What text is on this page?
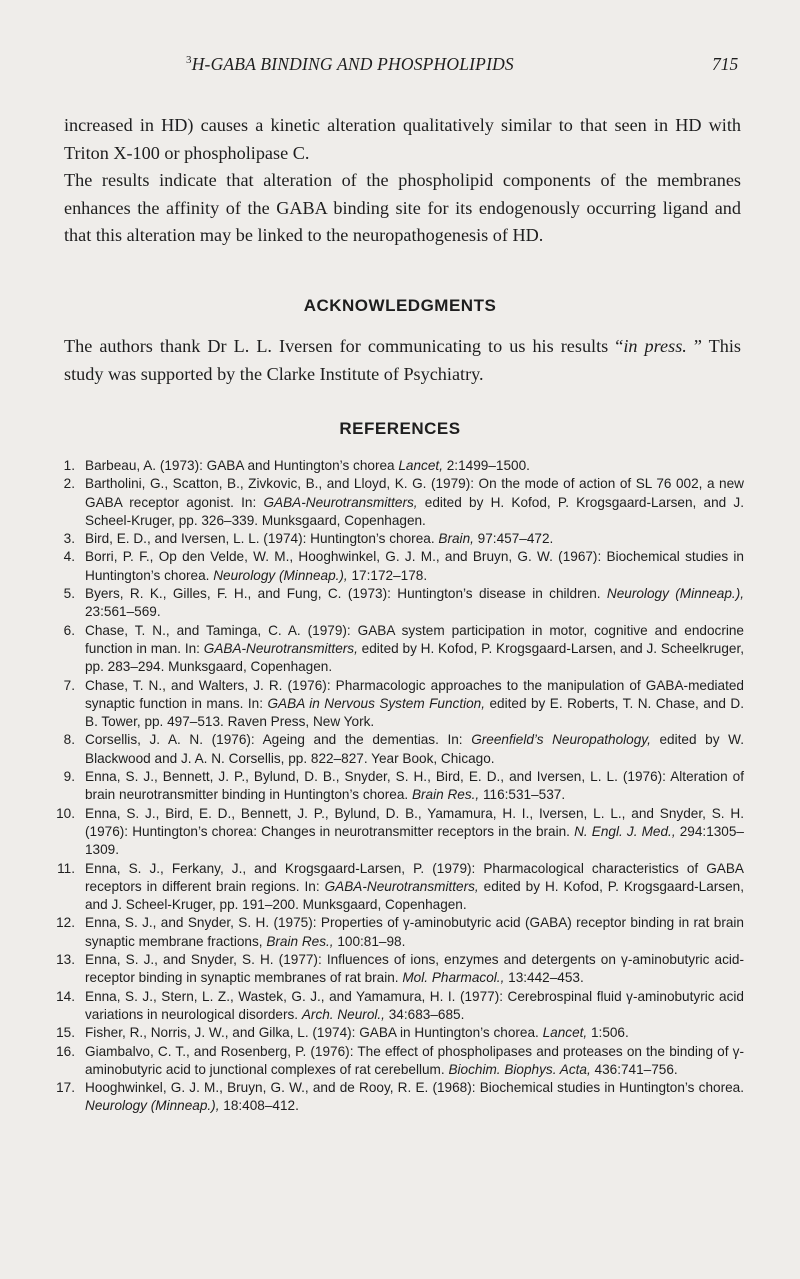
$^3$H-GABA BINDING AND PHOSPHOLIPIDS	715

increased in HD) causes a kinetic alteration qualitatively similar to that seen in HD with Triton X-100 or phospholipase C.

The results indicate that alteration of the phospholipid components of the membranes enhances the affinity of the GABA binding site for its endogenously occurring ligand and that this alteration may be linked to the neuropathogenesis of HD.

ACKNOWLEDGMENTS
The authors thank Dr L. L. Iversen for communicating to us his results “in press. ” This study was supported by the Clarke Institute of Psychiatry.
REFERENCES
1. Barbeau, A. (1973): GABA and Huntington’s chorea Lancet, 2:1499–1500.
2. Bartholini, G., Scatton, B., Zivkovic, B., and Lloyd, K. G. (1979): On the mode of action of SL 76 002, a new GABA receptor agonist. In: GABA-Neurotransmitters, edited by H. Kofod, P. Krogsgaard-Larsen, and J. Scheel-Kruger, pp. 326–339. Munksgaard, Copenhagen.
3. Bird, E. D., and Iversen, L. L. (1974): Huntington’s chorea. Brain, 97:457–472.
4. Borri, P. F., Op den Velde, W. M., Hooghwinkel, G. J. M., and Bruyn, G. W. (1967): Biochemical studies in Huntington’s chorea. Neurology (Minneap.), 17:172–178.
5. Byers, R. K., Gilles, F. H., and Fung, C. (1973): Huntington’s disease in children. Neurology (Minneap.), 23:561–569.
6. Chase, T. N., and Taminga, C. A. (1979): GABA system participation in motor, cognitive and endocrine function in man. In: GABA-Neurotransmitters, edited by H. Kofod, P. Krogsgaard-Larsen, and J. Scheelkruger, pp. 283–294. Munksgaard, Copenhagen.
7. Chase, T. N., and Walters, J. R. (1976): Pharmacologic approaches to the manipulation of GABA-mediated synaptic function in mans. In: GABA in Nervous System Function, edited by E. Roberts, T. N. Chase, and D. B. Tower, pp. 497–513. Raven Press, New York.
8. Corsellis, J. A. N. (1976): Ageing and the dementias. In: Greenfield’s Neuropathology, edited by W. Blackwood and J. A. N. Corsellis, pp. 822–827. Year Book, Chicago.
9. Enna, S. J., Bennett, J. P., Bylund, D. B., Snyder, S. H., Bird, E. D., and Iversen, L. L. (1976): Alteration of brain neurotransmitter binding in Huntington’s chorea. Brain Res., 116:531–537.
10. Enna, S. J., Bird, E. D., Bennett, J. P., Bylund, D. B., Yamamura, H. I., Iversen, L. L., and Snyder, S. H. (1976): Huntington’s chorea: Changes in neurotransmitter receptors in the brain. N. Engl. J. Med., 294:1305–1309.
11. Enna, S. J., Ferkany, J., and Krogsgaard-Larsen, P. (1979): Pharmacological characteristics of GABA receptors in different brain regions. In: GABA-Neurotransmitters, edited by H. Kofod, P. Krogsgaard-Larsen, and J. Scheel-Kruger, pp. 191–200. Munksgaard, Copenhagen.
12. Enna, S. J., and Snyder, S. H. (1975): Properties of γ-aminobutyric acid (GABA) receptor binding in rat brain synaptic membrane fractions, Brain Res., 100:81–98.
13. Enna, S. J., and Snyder, S. H. (1977): Influences of ions, enzymes and detergents on γ-aminobutyric acid-receptor binding in synaptic membranes of rat brain. Mol. Pharmacol., 13:442–453.
14. Enna, S. J., Stern, L. Z., Wastek, G. J., and Yamamura, H. I. (1977): Cerebrospinal fluid γ-aminobutyric acid variations in neurological disorders. Arch. Neurol., 34:683–685.
15. Fisher, R., Norris, J. W., and Gilka, L. (1974): GABA in Huntington’s chorea. Lancet, 1:506.
16. Giambalvo, C. T., and Rosenberg, P. (1976): The effect of phospholipases and proteases on the binding of γ-aminobutyric acid to junctional complexes of rat cerebellum. Biochim. Biophys. Acta, 436:741–756.
17. Hooghwinkel, G. J. M., Bruyn, G. W., and de Rooy, R. E. (1968): Biochemical studies in Huntington’s chorea. Neurology (Minneap.), 18:408–412.
